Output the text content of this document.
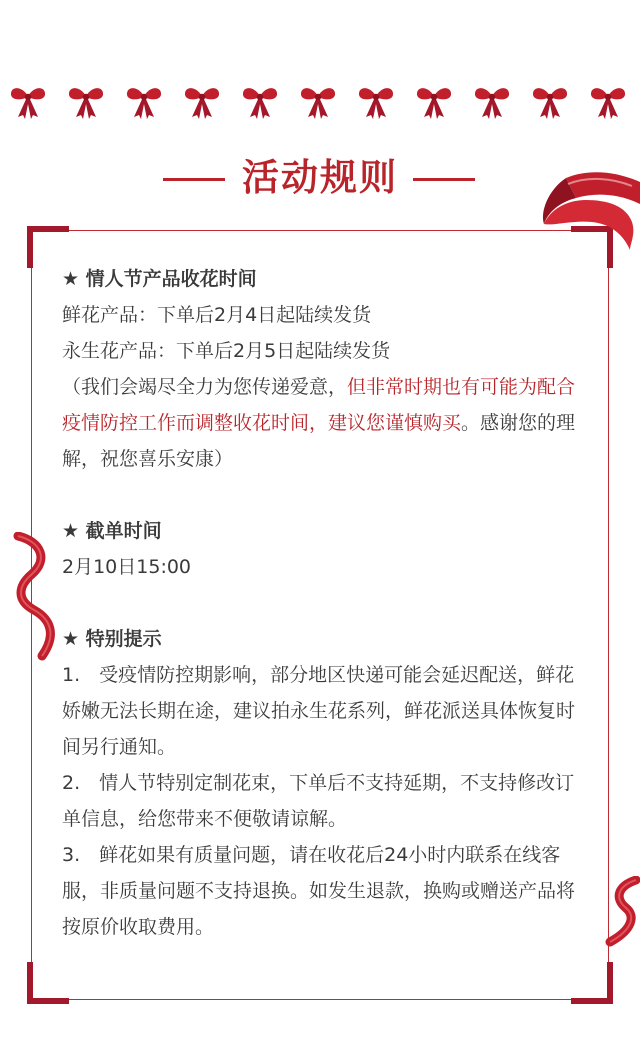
活动规则

★ 情人节产品收花时间

鲜花产品：下单后2月4日起陆续发货

永生花产品：下单后2月5日起陆续发货

（我们会竭尽全力为您传递爱意，但非常时期也有可能为配合疫情防控工作而调整收花时间，建议您谨慎购买。感谢您的理解，祝您喜乐安康）

★ 截单时间

2月10日15:00

★ 特别提示

1.　受疫情防控期影响，部分地区快递可能会延迟配送，鲜花娇嫩无法长期在途，建议拍永生花系列，鲜花派送具体恢复时间另行通知。

2.　情人节特别定制花束，下单后不支持延期，不支持修改订单信息，给您带来不便敬请谅解。

3.　鲜花如果有质量问题，请在收花后24小时内联系在线客服，非质量问题不支持退换。如发生退款，换购或赠送产品将按原价收取费用。
